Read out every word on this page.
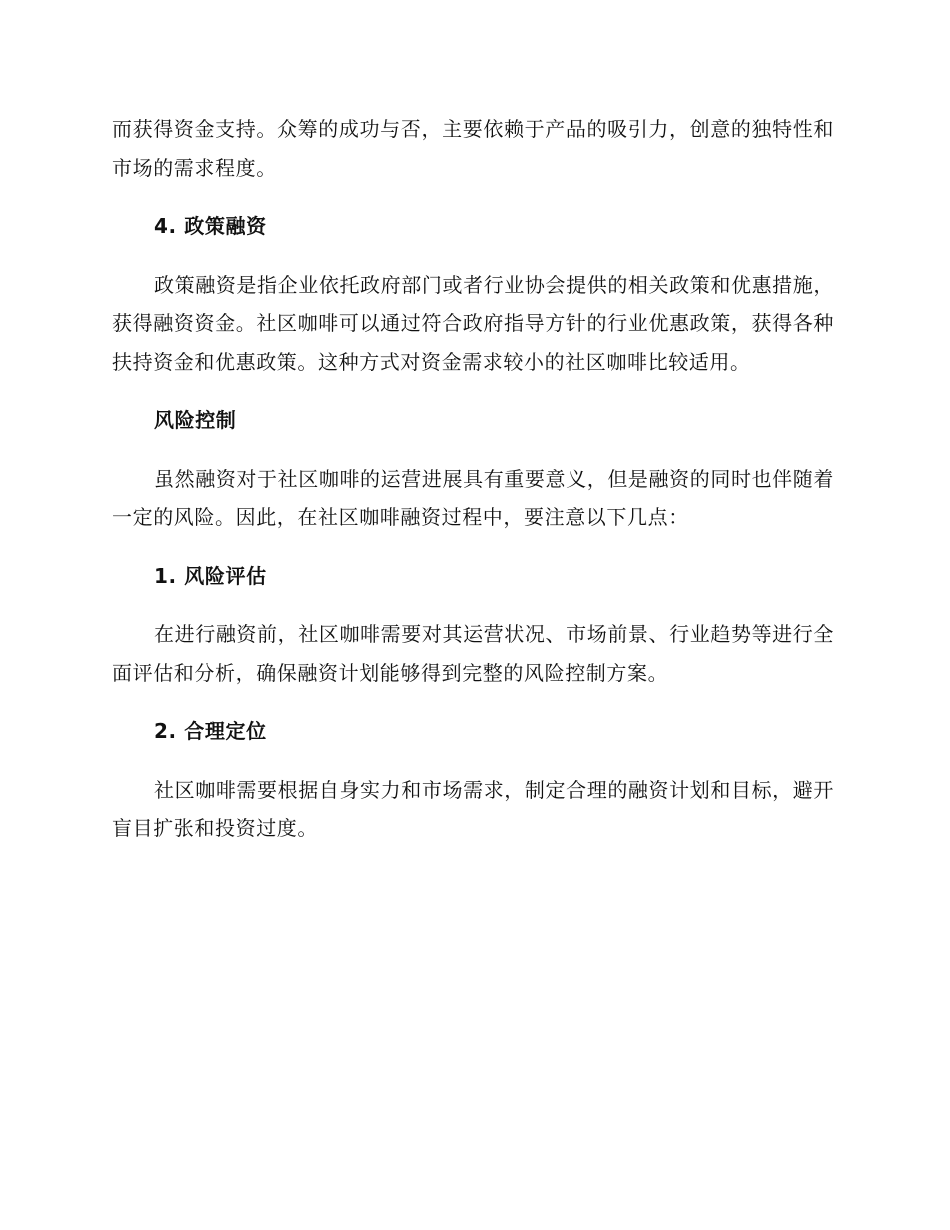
而获得资金支持。众筹的成功与否，主要依赖于产品的吸引力，创意的独特性和市场的需求程度。

4. 政策融资

政策融资是指企业依托政府部门或者行业协会提供的相关政策和优惠措施，获得融资资金。社区咖啡可以通过符合政府指导方针的行业优惠政策，获得各种扶持资金和优惠政策。这种方式对资金需求较小的社区咖啡比较适用。

风险控制

虽然融资对于社区咖啡的运营进展具有重要意义，但是融资的同时也伴随着一定的风险。因此，在社区咖啡融资过程中，要注意以下几点：

1. 风险评估

在进行融资前，社区咖啡需要对其运营状况、市场前景、行业趋势等进行全面评估和分析，确保融资计划能够得到完整的风险控制方案。

2. 合理定位

社区咖啡需要根据自身实力和市场需求，制定合理的融资计划和目标，避开盲目扩张和投资过度。
